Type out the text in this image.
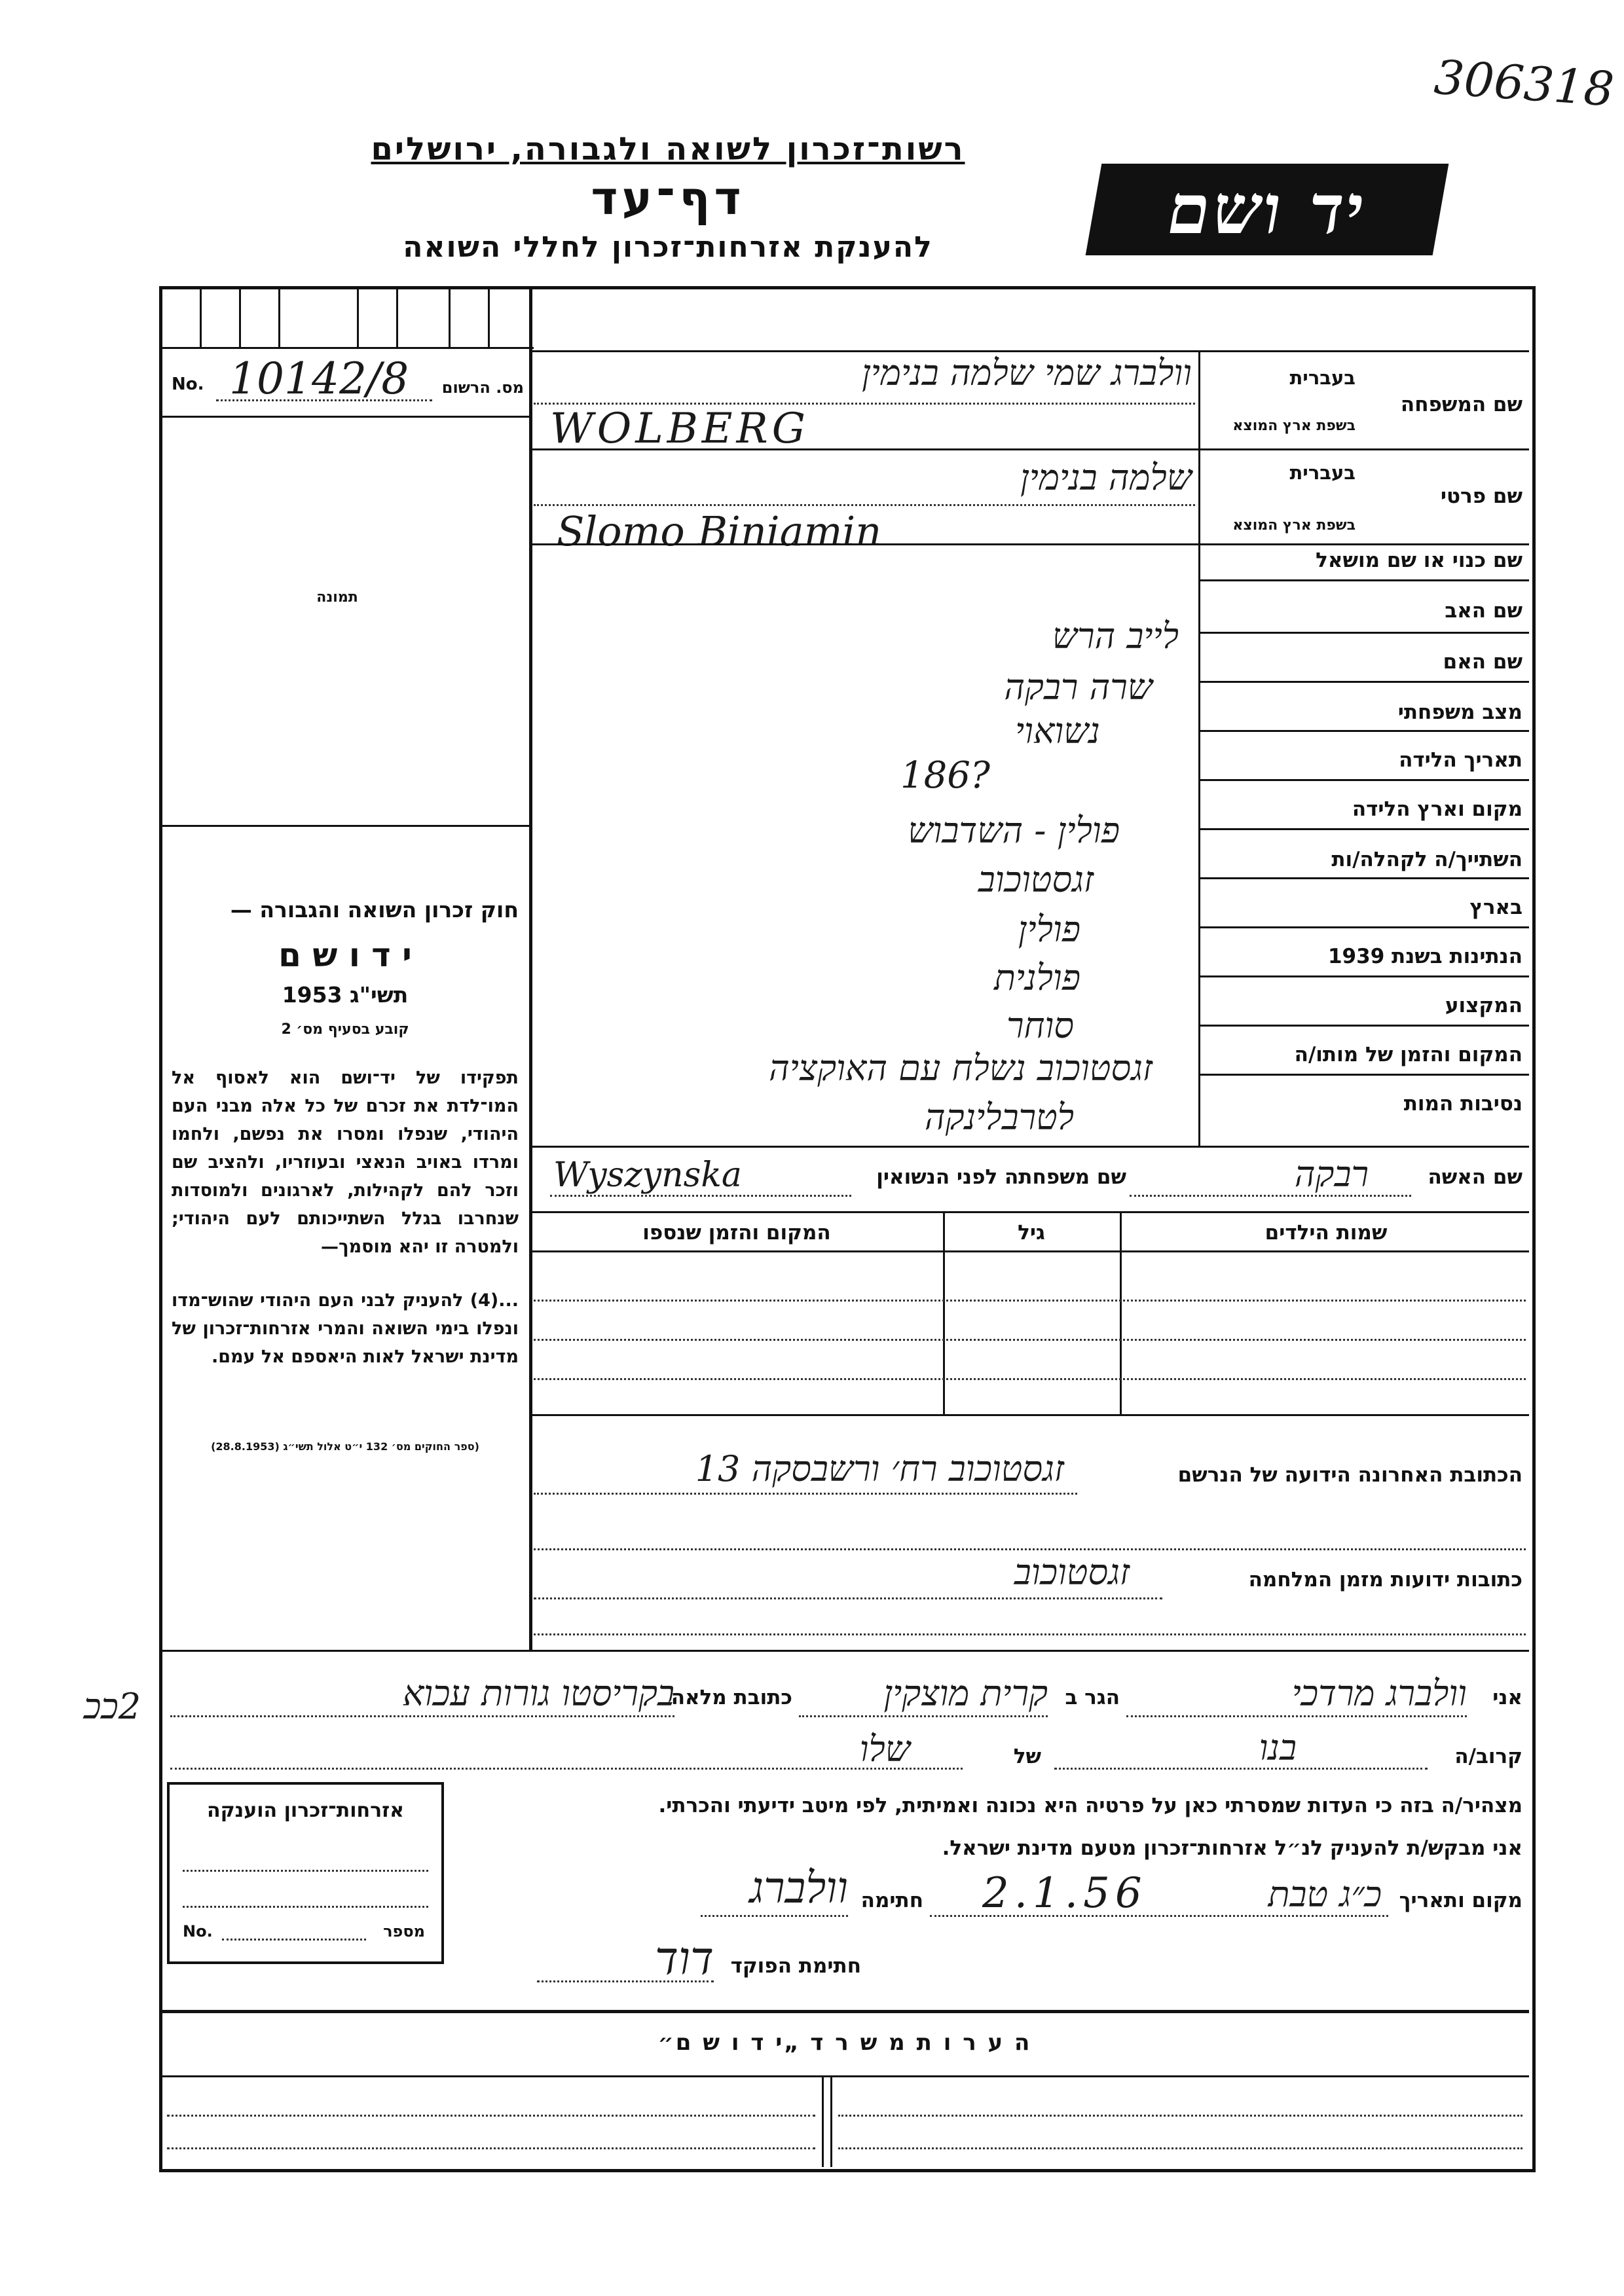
306318
רשות־זכרון לשואה ולגבורה, ירושלים
דף־עד
להענקת אזרחות־זכרון לחללי השואה	יד ושם
No. 10142/8 מס. הרשום
תמונה
חוק זכרון השואה והגבורה —
י ד ו ש ם
תשי"ג 1953
קובע בסעיף מס׳ 2
תפקידו של יד־ושם הוא לאסוף אל המו־לדת את זכרם של כל אלה מבני העם היהודי, שנפלו ומסרו את נפשם, ולחמו ומרדו באויב הנאצי ובעוזריו, ולהציב שם וזכר להם לקהילות, לארגונים ולמוסדות שנחרבו בגלל השתייכותם לעם היהודי; ולמטרה זו יהא מוסמך—
...(4) להעניק לבני העם היהודי שהוש־מדו ונפלו בימי השואה והמרי אזרחות־זכרון של מדינת ישראל לאות היאספם אל עמם.
(ספר החוקים מס׳ 132 י״ט אלול תשי״ג (28.8.1953)
שם המשפחה
בעברית
בשפת ארץ המוצא
וולברג שמי שלמה בנימין
WOLBERG
שם פרטי
בעברית
בשפת ארץ המוצא
שלמה בנימין
Slomo Biniamin
שם כנוי או שם מושאל
שם האב
לייב הרש
שם האם
שרה רבקה
מצב משפחתי
נשואוי
תאריך הלידה
186?
מקום וארץ הלידה
פולין - השדבוש
השתייך/ה לקהלה/ות
זגסטוכוב
בארץ
פולין
הנתינות בשנת 1939
פולנית
המקצוע
סוחר
המקום והזמן של מותו/ה
זגסטוכוב נשלח עם האוקציה
נסיבות המות
לטרבלינקה
שם האשה
רבקה
שם משפחתה לפני הנשואין
Wyszynska
שמות הילדים
גיל
המקום והזמן שנספו
הכתובת האחרונה הידועה של הנרשם
זגסטוכוב רח׳ ורשבסקה 13
כתובות ידועות מזמן המלחמה
זגסטוכוב
אני
וולברג מרדכי
הגר ב
קרית מוצקין
כתובת מלאה
בקריסטו גורות עכוא
2ככ
קרוב/ה
בנו
של
שלו
מצהיר/ה בזה כי העדות שמסרתי כאן על פרטיה היא נכונה ואמיתית, לפי מיטב ידיעתי והכרתי.
אני מבקש/ת להעניק לנ״ל אזרחות־זכרון מטעם מדינת ישראל.
מקום ותאריך
כ״ג טבת
2.1.56
חתימה
וולברג
חתימת הפוקד
דוד
אזרחות־זכרון הוענקה
No.	מספר
ה ע ר ו ת מ ש ר ד „י ד ו ש ם״
